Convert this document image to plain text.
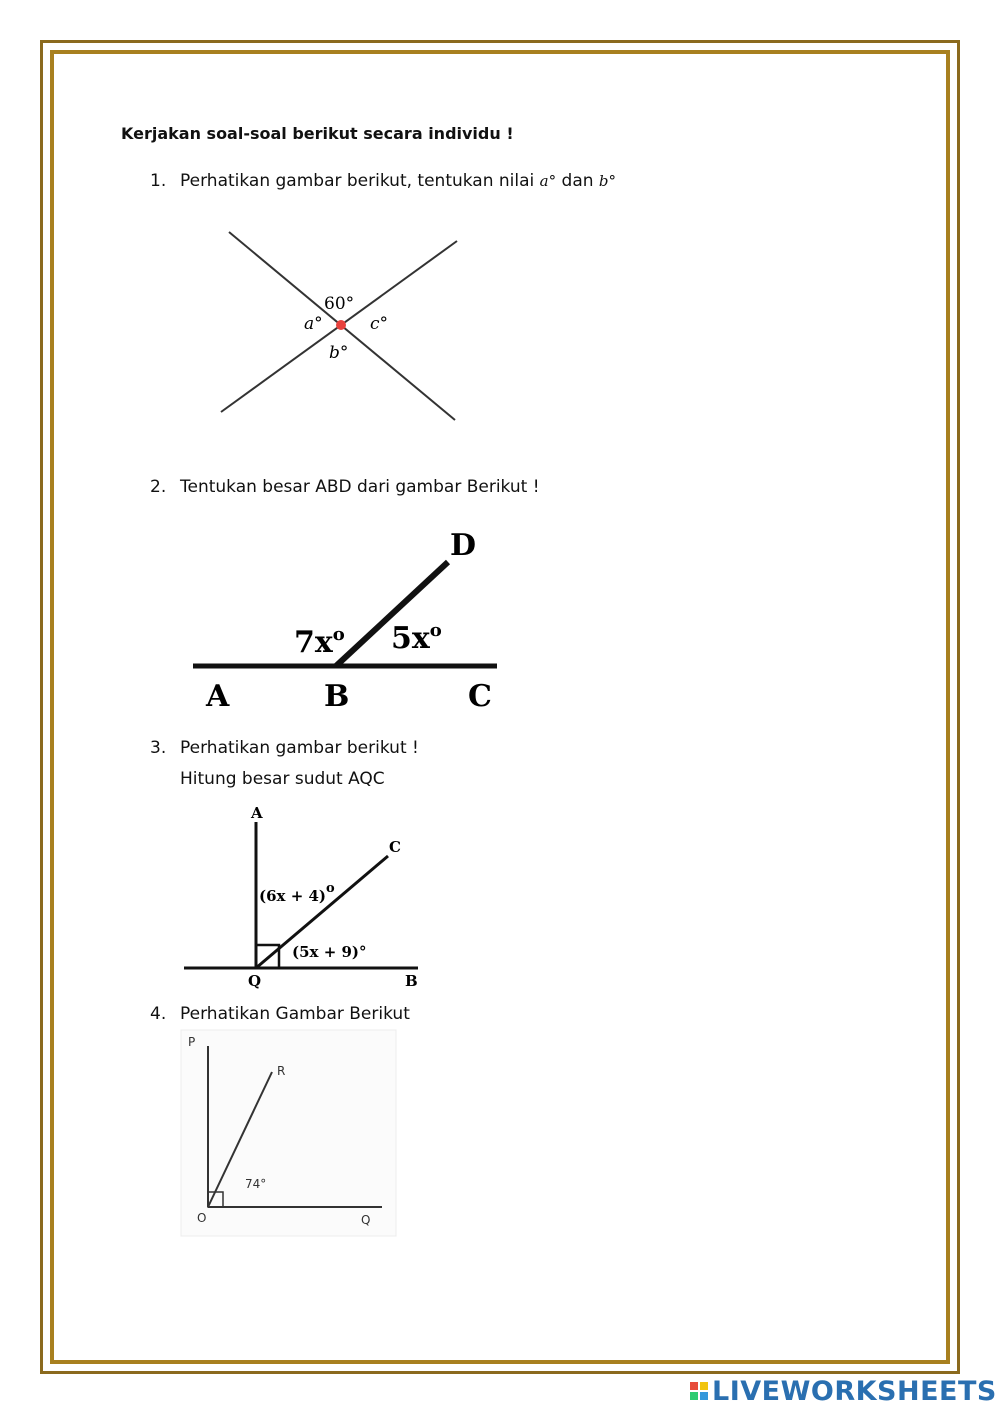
Kerjakan soal-soal berikut secara individu !
1. Perhatikan gambar berikut, tentukan nilai a° dan b°
60°
a°	c°
b°
2. Tentukan besar ABD dari gambar Berikut !
D
$7x^o$ $5x^o$
A	B	C
3. Perhatikan gambar berikut !
Hitung besar sudut AQC
A
C
Q	B
(6x + 4)o
(5x + 9)°
4. Perhatikan Gambar Berikut
P
R
O	Q
74°
LIVEWORKSHEETS
